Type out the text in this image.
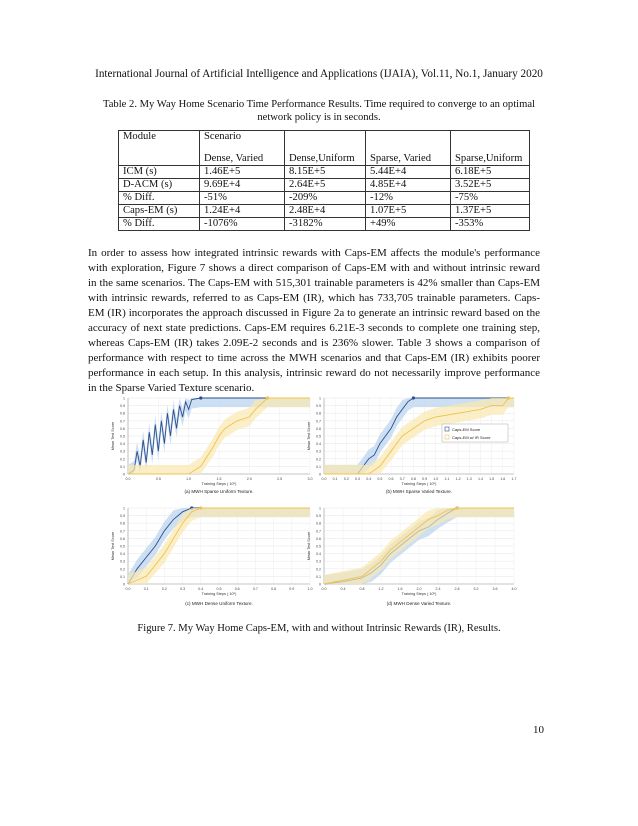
International Journal of Artificial Intelligence and Applications (IJAIA), Vol.11, No.1, January 2020
Table 2. My Way Home Scenario Time Performance Results. Time required to converge to an optimal network policy is in seconds.
Module	Scenario
Dense, Varied	Dense,Uniform	Sparse, Varied	Sparse,Uniform

ICM (s)	1.46E+5	8.15E+5	5.44E+4	6.18E+5
D-ACM (s)	9.69E+4	2.64E+5	4.85E+4	3.52E+5
% Diff.	-51%	-209%	-12%	-75%
Caps-EM (s)	1.24E+4	2.48E+4	1.07E+5	1.37E+5
% Diff.	-1076%	-3182%	+49%	-353%
In order to assess how integrated intrinsic rewards with Caps-EM affects the module's performance with exploration, Figure 7 shows a direct comparison of Caps-EM with and without intrinsic reward in the same scenarios. The Caps-EM with 515,301 trainable parameters is 42% smaller than Caps-EM with intrinsic rewards, referred to as Caps-EM (IR), which has 733,705 trainable parameters. Caps-EM (IR) incorporates the approach discussed in Figure 2a to generate an intrinsic reward based on the accuracy of next state predictions. Caps-EM requires 6.21E-3 seconds to complete one training step, whereas Caps-EM (IR) takes 2.09E-2 seconds and is 236% slower. Table 3 shows a comparison of performance with respect to time across the MWH scenarios and that Caps-EM (IR) exhibits poorer performance in each setup. In this analysis, intrinsic reward do not necessarily improve performance in the Sparse Varied Texture scenario.
0
0.1
0.2
0.3
0.4
0.5
0.6
0.7
0.8
0.9
1
0.0	0.5	1.0	1.5	2.0	2.5	3.0
Mean Test Score
Training Steps ( 10⁶)
(a) MWH Sparse Uniform Texture.
0
0.1
0.2
0.3
0.4
0.5
0.6
0.7
0.8
0.9
1
0.0 0.1 0.2 0.3 0.4 0.5 0.6 0.7 0.8 0.9 1.0 1.1 1.2 1.3 1.4 1.5 1.6 1.7
Mean Test Score
Training Steps ( 10⁶)
(b) MWH Sparse Varied Texture.
Caps-EM Score
Caps-EM w/ IR Score
0
0.1
0.2
0.3
0.4
0.5
0.6
0.7
0.8
0.9
1
0.0	0.1	0.2	0.3	0.4	0.5	0.6	0.7	0.8	0.9	1.0
Mean Test Score
Training Steps ( 10⁶)
(c) MWH Dense Uniform Texture.
0
0.1
0.2
0.3
0.4
0.5
0.6
0.7
0.8
0.9
1
0.0	0.4	0.8	1.2	1.6	2.0	2.4	2.8	3.2	3.6	4.0
Mean Test Score
Training Steps ( 10⁵)
(d) MWH Dense Varied Texture.
Figure 7. My Way Home Caps-EM, with and without Intrinsic Rewards (IR), Results.
10
